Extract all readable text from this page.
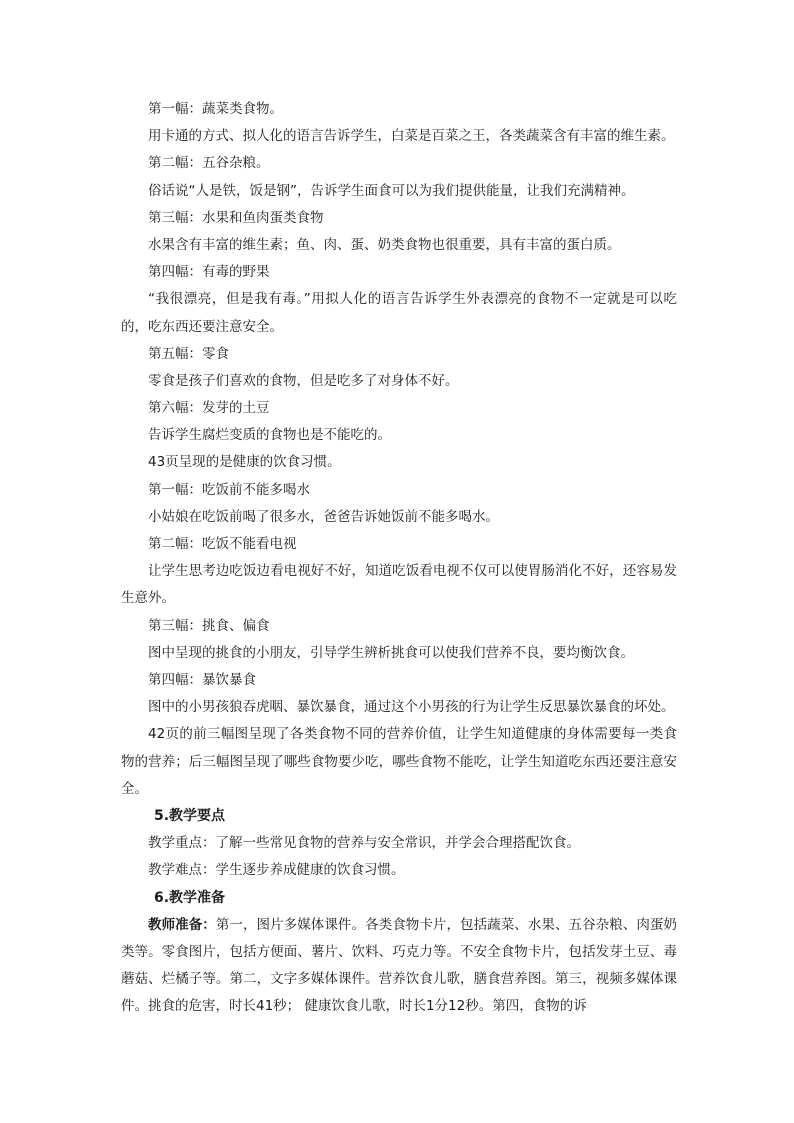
第一幅：蔬菜类食物。
用卡通的方式、拟人化的语言告诉学生，白菜是百菜之王，各类蔬菜含有丰富的维生素。
第二幅：五谷杂粮。
俗话说“人是铁，饭是钢”，告诉学生面食可以为我们提供能量，让我们充满精神。
第三幅：水果和鱼肉蛋类食物
水果含有丰富的维生素；鱼、肉、蛋、奶类食物也很重要，具有丰富的蛋白质。
第四幅：有毒的野果
“我很漂亮，但是我有毒。”用拟人化的语言告诉学生外表漂亮的食物不一定就是可以吃的，吃东西还要注意安全。
第五幅：零食
零食是孩子们喜欢的食物，但是吃多了对身体不好。
第六幅：发芽的土豆
告诉学生腐烂变质的食物也是不能吃的。
43页呈现的是健康的饮食习惯。
第一幅：吃饭前不能多喝水
小姑娘在吃饭前喝了很多水，爸爸告诉她饭前不能多喝水。
第二幅：吃饭不能看电视
让学生思考边吃饭边看电视好不好，知道吃饭看电视不仅可以使胃肠消化不好，还容易发生意外。
第三幅：挑食、偏食
图中呈现的挑食的小朋友，引导学生辨析挑食可以使我们营养不良，要均衡饮食。
第四幅：暴饮暴食
图中的小男孩狼吞虎咽、暴饮暴食，通过这个小男孩的行为让学生反思暴饮暴食的坏处。
42页的前三幅图呈现了各类食物不同的营养价值，让学生知道健康的身体需要每一类食物的营养；后三幅图呈现了哪些食物要少吃，哪些食物不能吃，让学生知道吃东西还要注意安全。
5.教学要点
教学重点：了解一些常见食物的营养与安全常识，并学会合理搭配饮食。
教学难点：学生逐步养成健康的饮食习惯。
6.教学准备
教师准备：第一，图片多媒体课件。各类食物卡片，包括蔬菜、水果、五谷杂粮、肉蛋奶类等。零食图片，包括方便面、薯片、饮料、巧克力等。不安全食物卡片，包括发芽土豆、毒蘑菇、烂橘子等。第二，文字多媒体课件。营养饮食儿歌，膳食营养图。第三，视频多媒体课件。挑食的危害，时长41秒； 健康饮食儿歌，时长1分12秒。第四，食物的诉
